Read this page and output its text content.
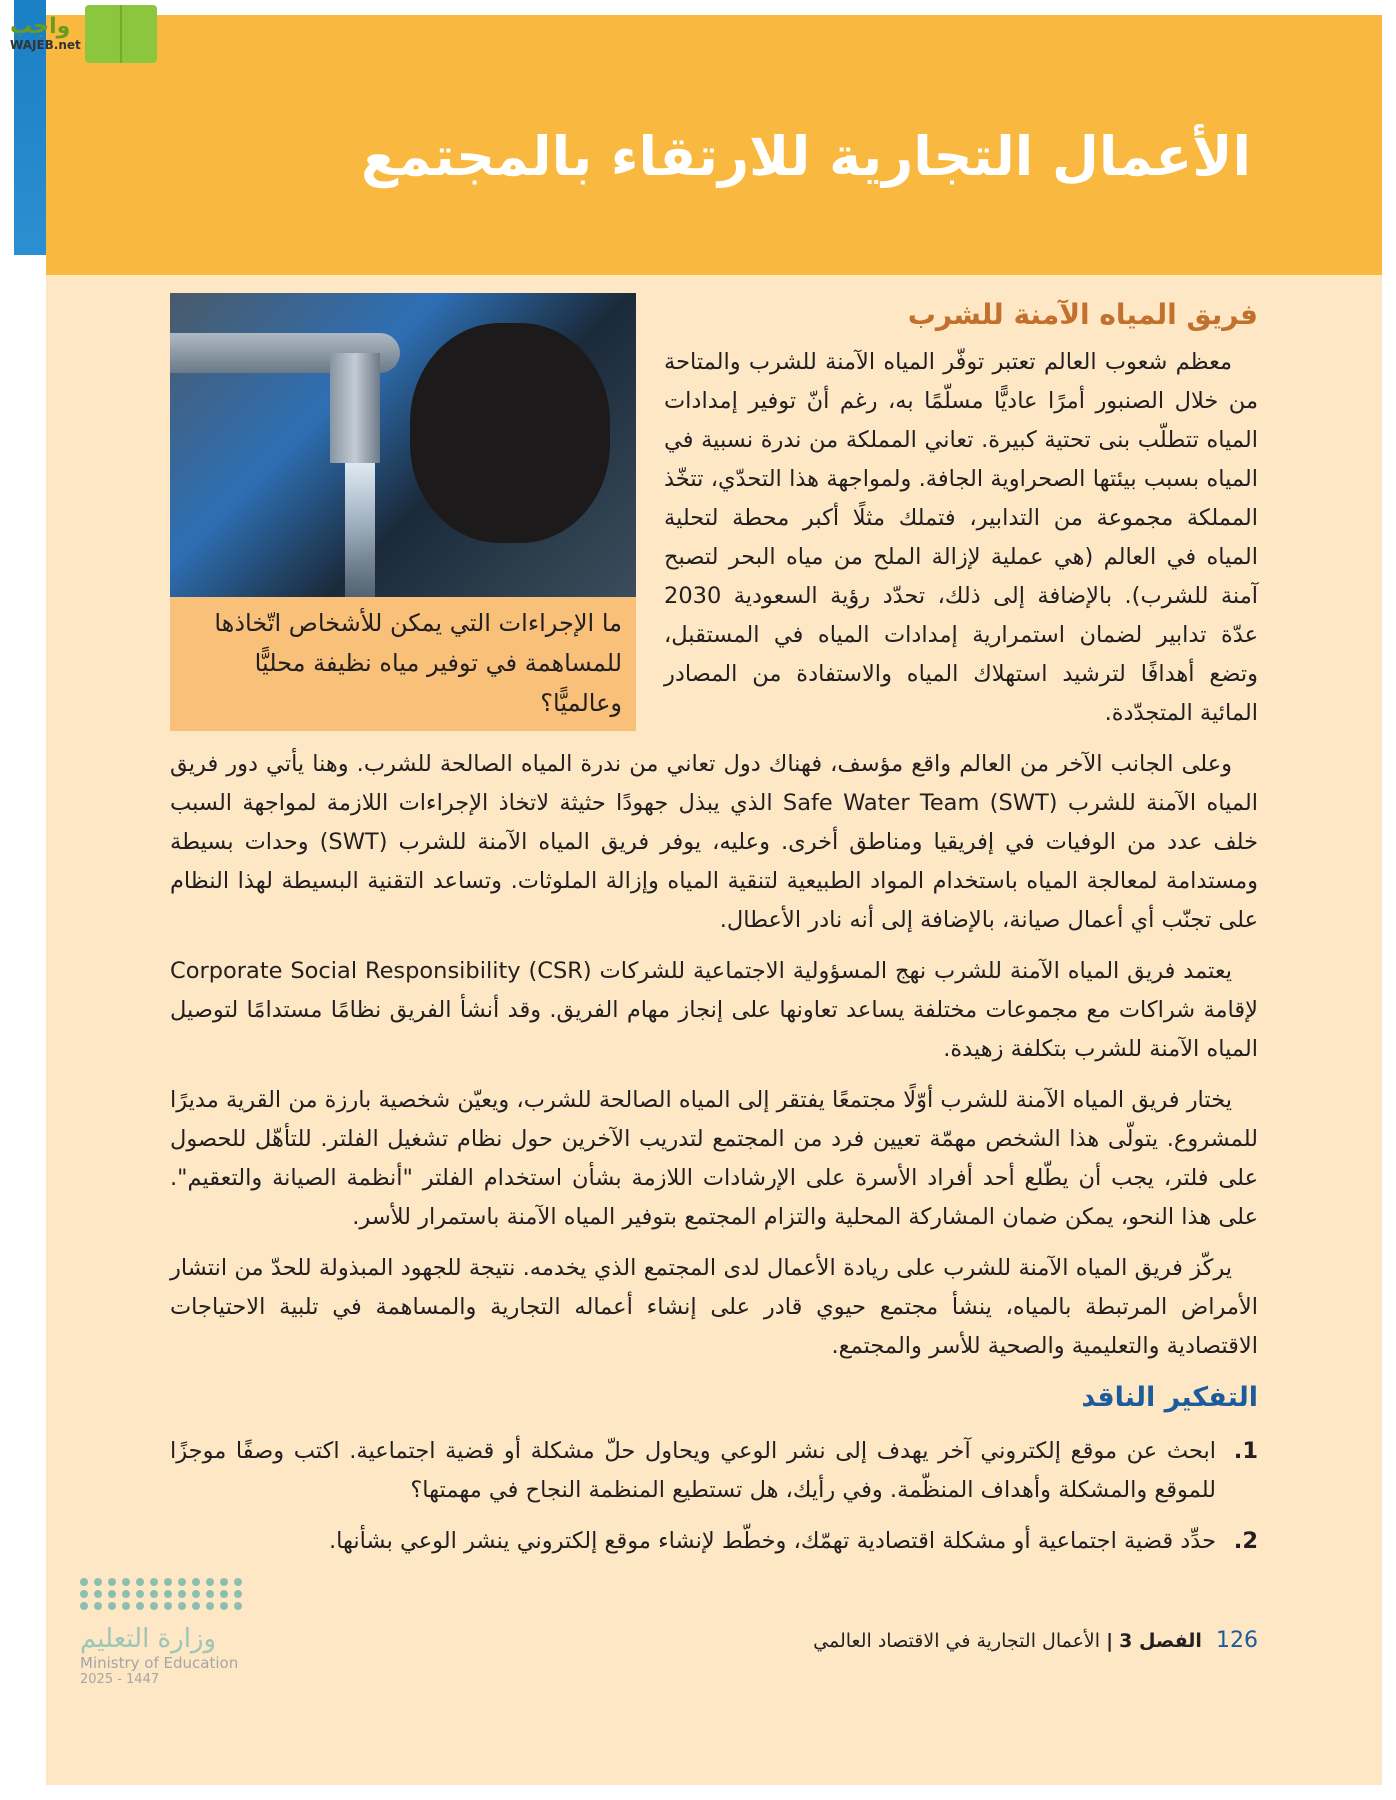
واجب
WAJEB.net
الأعمال التجارية للارتقاء بالمجتمع
ما الإجراءات التي يمكن للأشخاص اتّخاذها للمساهمة في توفير مياه نظيفة محليًّا وعالميًّا؟
فريق المياه الآمنة للشرب

معظم شعوب العالم تعتبر توفّر المياه الآمنة للشرب والمتاحة من خلال الصنبور أمرًا عاديًّا مسلّمًا به، رغم أنّ توفير إمدادات المياه تتطلّب بنى تحتية كبيرة. تعاني المملكة من ندرة نسبية في المياه بسبب بيئتها الصحراوية الجافة. ولمواجهة هذا التحدّي، تتخّذ المملكة مجموعة من التدابير، فتملك مثلًا أكبر محطة لتحلية المياه في العالم (هي عملية لإزالة الملح من مياه البحر لتصبح آمنة للشرب). بالإضافة إلى ذلك، تحدّد رؤية السعودية 2030 عدّة تدابير لضمان استمرارية إمدادات المياه في المستقبل، وتضع أهدافًا لترشيد استهلاك المياه والاستفادة من المصادر المائية المتجدّدة.

وعلى الجانب الآخر من العالم واقع مؤسف، فهناك دول تعاني من ندرة المياه الصالحة للشرب. وهنا يأتي دور فريق المياه الآمنة للشرب (Safe Water Team (SWT الذي يبذل جهودًا حثيثة لاتخاذ الإجراءات اللازمة لمواجهة السبب خلف عدد من الوفيات في إفريقيا ومناطق أخرى. وعليه، يوفر فريق المياه الآمنة للشرب (SWT) وحدات بسيطة ومستدامة لمعالجة المياه باستخدام المواد الطبيعية لتنقية المياه وإزالة الملوثات. وتساعد التقنية البسيطة لهذا النظام على تجنّب أي أعمال صيانة، بالإضافة إلى أنه نادر الأعطال.

يعتمد فريق المياه الآمنة للشرب نهج المسؤولية الاجتماعية للشركات (Corporate Social Responsibility (CSR لإقامة شراكات مع مجموعات مختلفة يساعد تعاونها على إنجاز مهام الفريق. وقد أنشأ الفريق نظامًا مستدامًا لتوصيل المياه الآمنة للشرب بتكلفة زهيدة.

يختار فريق المياه الآمنة للشرب أوّلًا مجتمعًا يفتقر إلى المياه الصالحة للشرب، ويعيّن شخصية بارزة من القرية مديرًا للمشروع. يتولّى هذا الشخص مهمّة تعيين فرد من المجتمع لتدريب الآخرين حول نظام تشغيل الفلتر. للتأهّل للحصول على فلتر، يجب أن يطّلع أحد أفراد الأسرة على الإرشادات اللازمة بشأن استخدام الفلتر "أنظمة الصيانة والتعقيم". على هذا النحو، يمكن ضمان المشاركة المحلية والتزام المجتمع بتوفير المياه الآمنة باستمرار للأسر.

يركّز فريق المياه الآمنة للشرب على ريادة الأعمال لدى المجتمع الذي يخدمه. نتيجة للجهود المبذولة للحدّ من انتشار الأمراض المرتبطة بالمياه، ينشأ مجتمع حيوي قادر على إنشاء أعماله التجارية والمساهمة في تلبية الاحتياجات الاقتصادية والتعليمية والصحية للأسر والمجتمع.

التفكير الناقد
1.
ابحث عن موقع إلكتروني آخر يهدف إلى نشر الوعي ويحاول حلّ مشكلة أو قضية اجتماعية. اكتب وصفًا موجزًا للموقع والمشكلة وأهداف المنظّمة. وفي رأيك، هل تستطيع المنظمة النجاح في مهمتها؟
2.
حدِّد قضية اجتماعية أو مشكلة اقتصادية تهمّك، وخطّط لإنشاء موقع إلكتروني ينشر الوعي بشأنها.
126 الفصل 3 | الأعمال التجارية في الاقتصاد العالمي
وزارة التعليم
Ministry of Education
2025 - 1447
